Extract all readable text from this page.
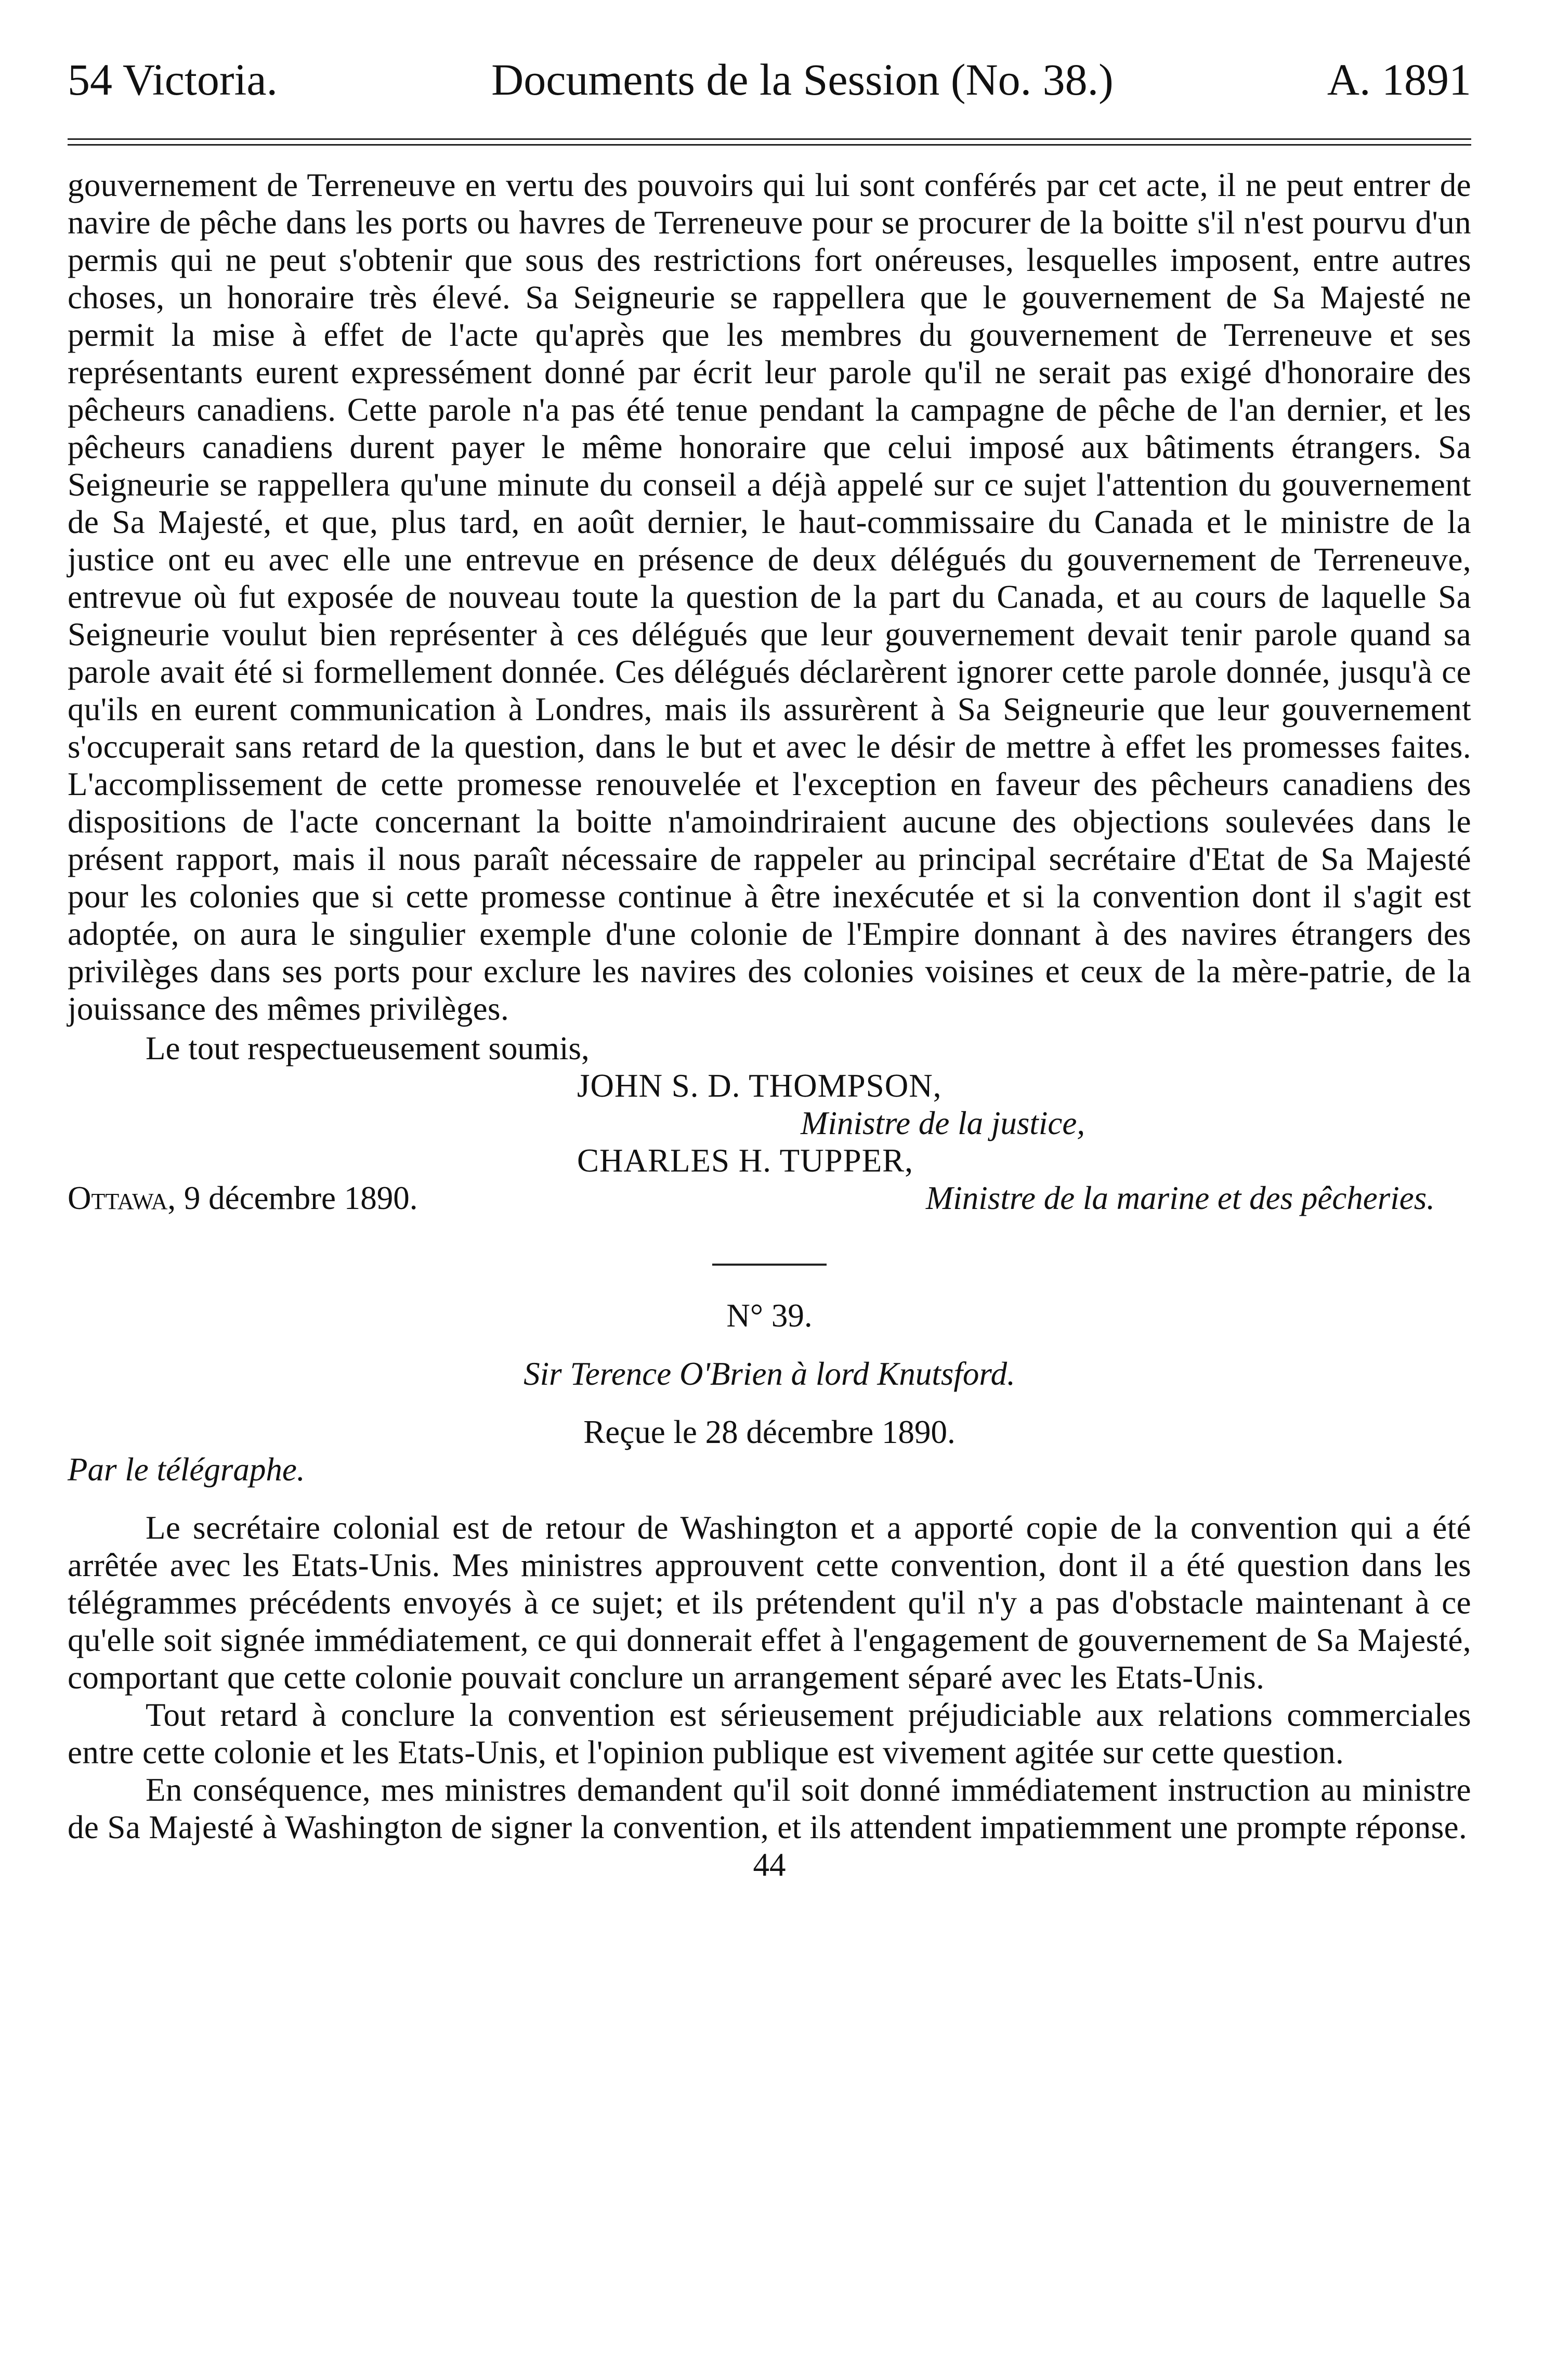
54 Victoria.	Documents de la Session (No. 38.)	A. 1891

gouvernement de Terreneuve en vertu des pouvoirs qui lui sont conférés par cet acte, il ne peut entrer de navire de pêche dans les ports ou havres de Terreneuve pour se procurer de la boitte s'il n'est pourvu d'un permis qui ne peut s'obtenir que sous des restrictions fort onéreuses, lesquelles imposent, entre autres choses, un honoraire très élevé. Sa Seigneurie se rappellera que le gouvernement de Sa Majesté ne permit la mise à effet de l'acte qu'après que les membres du gouvernement de Terreneuve et ses représentants eurent expressément donné par écrit leur parole qu'il ne serait pas exigé d'honoraire des pêcheurs canadiens. Cette parole n'a pas été tenue pendant la campagne de pêche de l'an dernier, et les pêcheurs canadiens durent payer le même honoraire que celui imposé aux bâtiments étrangers. Sa Seigneurie se rappellera qu'une minute du conseil a déjà appelé sur ce sujet l'attention du gouvernement de Sa Majesté, et que, plus tard, en août dernier, le haut-commissaire du Canada et le ministre de la justice ont eu avec elle une entrevue en présence de deux délégués du gouvernement de Terreneuve, entrevue où fut exposée de nouveau toute la question de la part du Canada, et au cours de laquelle Sa Seigneurie voulut bien représenter à ces délégués que leur gouvernement devait tenir parole quand sa parole avait été si formellement donnée. Ces délégués déclarèrent ignorer cette parole donnée, jusqu'à ce qu'ils en eurent communication à Londres, mais ils assurèrent à Sa Seigneurie que leur gouvernement s'occuperait sans retard de la question, dans le but et avec le désir de mettre à effet les promesses faites. L'accomplissement de cette promesse renouvelée et l'exception en faveur des pêcheurs canadiens des dispositions de l'acte concernant la boitte n'amoindriraient aucune des objections soulevées dans le présent rapport, mais il nous paraît nécessaire de rappeler au principal secrétaire d'Etat de Sa Majesté pour les colonies que si cette promesse continue à être inexécutée et si la convention dont il s'agit est adoptée, on aura le singulier exemple d'une colonie de l'Empire donnant à des navires étrangers des privilèges dans ses ports pour exclure les navires des colonies voisines et ceux de la mère-patrie, de la jouissance des mêmes privilèges.

Le tout respectueusement soumis,

JOHN S. D. THOMPSON,

Ministre de la justice,

CHARLES H. TUPPER,

Ottawa, 9 décembre 1890.	Ministre de la marine et des pêcheries.

N° 39.
Sir Terence O'Brien à lord Knutsford.
Reçue le 28 décembre 1890.
Par le télégraphe.

Le secrétaire colonial est de retour de Washington et a apporté copie de la convention qui a été arrêtée avec les Etats-Unis. Mes ministres approuvent cette convention, dont il a été question dans les télégrammes précédents envoyés à ce sujet; et ils prétendent qu'il n'y a pas d'obstacle maintenant à ce qu'elle soit signée immédiatement, ce qui donnerait effet à l'engagement de gouvernement de Sa Majesté, comportant que cette colonie pouvait conclure un arrangement séparé avec les Etats-Unis.

Tout retard à conclure la convention est sérieusement préjudiciable aux relations commerciales entre cette colonie et les Etats-Unis, et l'opinion publique est vivement agitée sur cette question.

En conséquence, mes ministres demandent qu'il soit donné immédiatement instruction au ministre de Sa Majesté à Washington de signer la convention, et ils attendent impatiemment une prompte réponse.

44
